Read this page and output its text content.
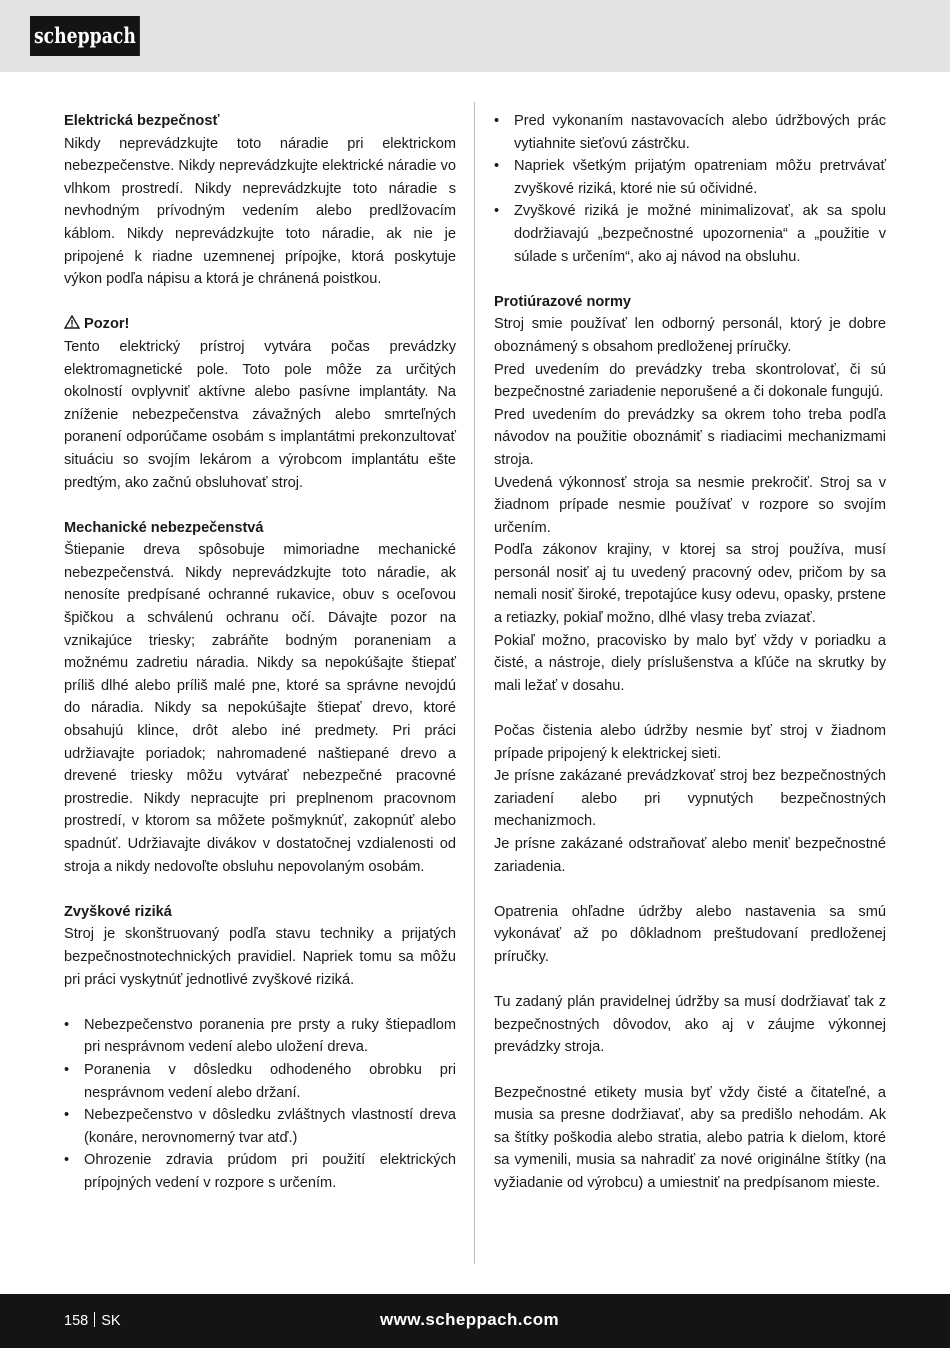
scheppach

Elektrická bezpečnosť

Nikdy neprevádzkujte toto náradie pri elektrickom nebezpečenstve. Nikdy neprevádzkujte elektrické náradie vo vlhkom prostredí. Nikdy neprevádzkujte toto náradie s nevhodným prívodným vedením alebo predlžovacím káblom. Nikdy neprevádzkujte toto náradie, ak nie je pripojené k riadne uzemnenej prípojke, ktorá poskytuje výkon podľa nápisu a ktorá je chránená poistkou.

Pozor!

Tento elektrický prístroj vytvára počas prevádzky elektromagnetické pole. Toto pole môže za určitých okolností ovplyvniť aktívne alebo pasívne implantáty. Na zníženie nebezpečenstva závažných alebo smrteľných poranení odporúčame osobám s implantátmi prekonzultovať situáciu so svojím lekárom a výrobcom implantátu ešte predtým, ako začnú obsluhovať stroj.

Mechanické nebezpečenstvá

Štiepanie dreva spôsobuje mimoriadne mechanické nebezpečenstvá. Nikdy neprevádzkujte toto náradie, ak nenosíte predpísané ochranné rukavice, obuv s oceľovou špičkou a schválenú ochranu očí. Dávajte pozor na vznikajúce triesky; zabráňte bodným poraneniam a možnému zadretiu náradia. Nikdy sa nepokúšajte štiepať príliš dlhé alebo príliš malé pne, ktoré sa správne nevojdú do náradia. Nikdy sa nepokúšajte štiepať drevo, ktoré obsahujú klince, drôt alebo iné predmety. Pri práci udržiavajte poriadok; nahromadené naštiepané drevo a drevené triesky môžu vytvárať nebezpečné pracovné prostredie. Nikdy nepracujte pri preplnenom pracovnom prostredí, v ktorom sa môžete pošmyknúť, zakopnúť alebo spadnúť. Udržiavajte divákov v dostatočnej vzdialenosti od stroja a nikdy nedovoľte obsluhu nepovolaným osobám.

Zvyškové riziká

Stroj je skonštruovaný podľa stavu techniky a prijatých bezpečnostnotechnických pravidiel. Napriek tomu sa môžu pri práci vyskytnúť jednotlivé zvyškové riziká.

• Nebezpečenstvo poranenia pre prsty a ruky štiepadlom pri nesprávnom vedení alebo uložení dreva.
• Poranenia v dôsledku odhodeného obrobku pri nesprávnom vedení alebo držaní.
• Nebezpečenstvo v dôsledku zvláštnych vlastností dreva (konáre, nerovnomerný tvar atď.)
• Ohrozenie zdravia prúdom pri použití elektrických prípojných vedení v rozpore s určením.
• Pred vykonaním nastavovacích alebo údržbových prác vytiahnite sieťovú zástrčku.
• Napriek všetkým prijatým opatreniam môžu pretrvávať zvyškové riziká, ktoré nie sú očividné.
• Zvyškové riziká je možné minimalizovať, ak sa spolu dodržiavajú „bezpečnostné upozornenia“ a „použitie v súlade s určením“, ako aj návod na obsluhu.

Protiúrazové normy

Stroj smie používať len odborný personál, ktorý je dobre oboznámený s obsahom predloženej príručky.

Pred uvedením do prevádzky treba skontrolovať, či sú bezpečnostné zariadenie neporušené a či dokonale fungujú.

Pred uvedením do prevádzky sa okrem toho treba podľa návodov na použitie oboznámiť s riadiacimi mechanizmami stroja.

Uvedená výkonnosť stroja sa nesmie prekročiť. Stroj sa v žiadnom prípade nesmie používať v rozpore so svojím určením.

Podľa zákonov krajiny, v ktorej sa stroj používa, musí personál nosiť aj tu uvedený pracovný odev, pričom by sa nemali nosiť široké, trepotajúce kusy odevu, opasky, prstene a retiazky, pokiaľ možno, dlhé vlasy treba zviazať.

Pokiaľ možno, pracovisko by malo byť vždy v poriadku a čisté, a nástroje, diely príslušenstva a kľúče na skrutky by mali ležať v dosahu.

Počas čistenia alebo údržby nesmie byť stroj v žiadnom prípade pripojený k elektrickej sieti.

Je prísne zakázané prevádzkovať stroj bez bezpečnostných zariadení alebo pri vypnutých bezpečnostných mechanizmoch.

Je prísne zakázané odstraňovať alebo meniť bezpečnostné zariadenia.

Opatrenia ohľadne údržby alebo nastavenia sa smú vykonávať až po dôkladnom preštudovaní predloženej príručky.

Tu zadaný plán pravidelnej údržby sa musí dodržiavať tak z bezpečnostných dôvodov, ako aj v záujme výkonnej prevádzky stroja.

Bezpečnostné etikety musia byť vždy čisté a čitateľné, a musia sa presne dodržiavať, aby sa predišlo nehodám. Ak sa štítky poškodia alebo stratia, alebo patria k dielom, ktoré sa vymenili, musia sa nahradiť za nové originálne štítky (na vyžiadanie od výrobcu) a umiestniť na predpísanom mieste.

158 SK	www.scheppach.com
